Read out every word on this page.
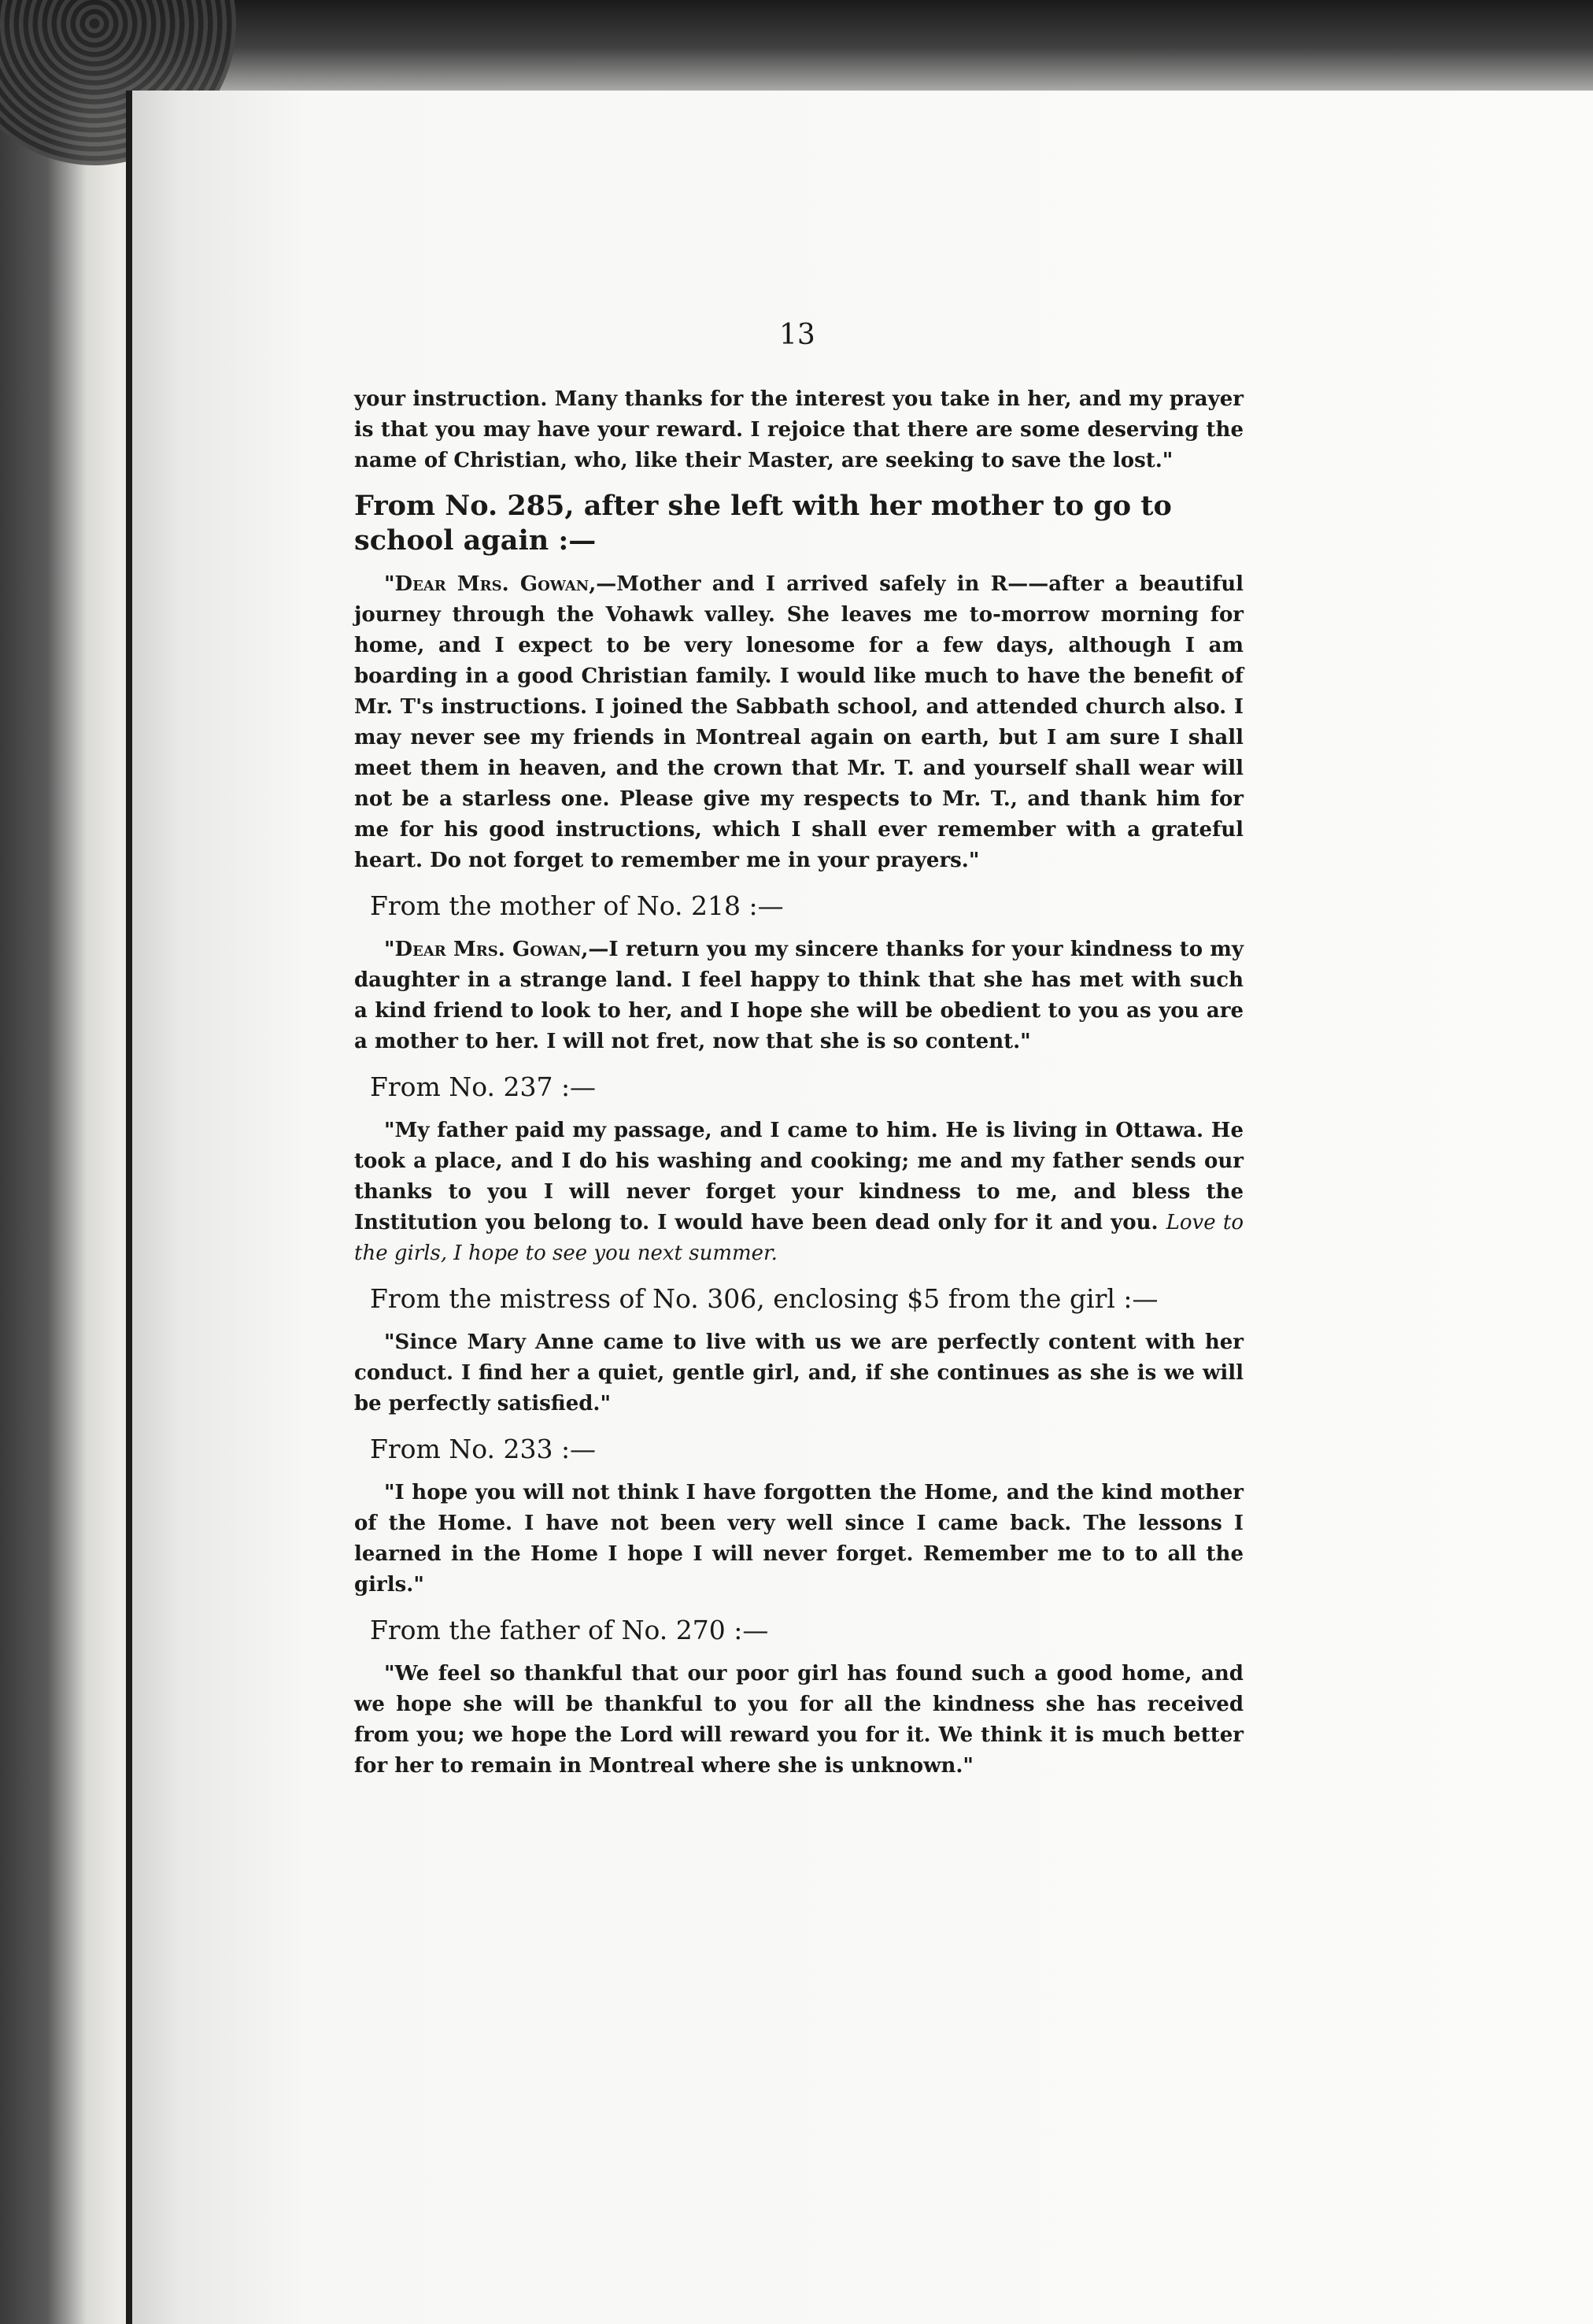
13

your instruction. Many thanks for the interest you take in her, and my prayer is that you may have your reward. I rejoice that there are some deserving the name of Christian, who, like their Master, are seeking to save the lost."

From No. 285, after she left with her mother to go to school again :—

"Dear Mrs. Gowan,—Mother and I arrived safely in R——after a beautiful journey through the Vohawk valley. She leaves me to-morrow morning for home, and I expect to be very lonesome for a few days, although I am boarding in a good Christian family. I would like much to have the benefit of Mr. T's instructions. I joined the Sabbath school, and attended church also. I may never see my friends in Montreal again on earth, but I am sure I shall meet them in heaven, and the crown that Mr. T. and yourself shall wear will not be a starless one. Please give my respects to Mr. T., and thank him for me for his good instructions, which I shall ever remember with a grateful heart. Do not forget to remember me in your prayers."

From the mother of No. 218 :—

"Dear Mrs. Gowan,—I return you my sincere thanks for your kindness to my daughter in a strange land. I feel happy to think that she has met with such a kind friend to look to her, and I hope she will be obedient to you as you are a mother to her. I will not fret, now that she is so content."

From No. 237 :—

"My father paid my passage, and I came to him. He is living in Ottawa. He took a place, and I do his washing and cooking; me and my father sends our thanks to you I will never forget your kindness to me, and bless the Institution you belong to. I would have been dead only for it and you. Love to the girls, I hope to see you next summer.

From the mistress of No. 306, enclosing $5 from the girl :—

"Since Mary Anne came to live with us we are perfectly content with her conduct. I find her a quiet, gentle girl, and, if she continues as she is we will be perfectly satisfied."

From No. 233 :—

"I hope you will not think I have forgotten the Home, and the kind mother of the Home. I have not been very well since I came back. The lessons I learned in the Home I hope I will never forget. Remember me to to all the girls."

From the father of No. 270 :—

"We feel so thankful that our poor girl has found such a good home, and we hope she will be thankful to you for all the kindness she has received from you; we hope the Lord will reward you for it. We think it is much better for her to remain in Montreal where she is unknown."
